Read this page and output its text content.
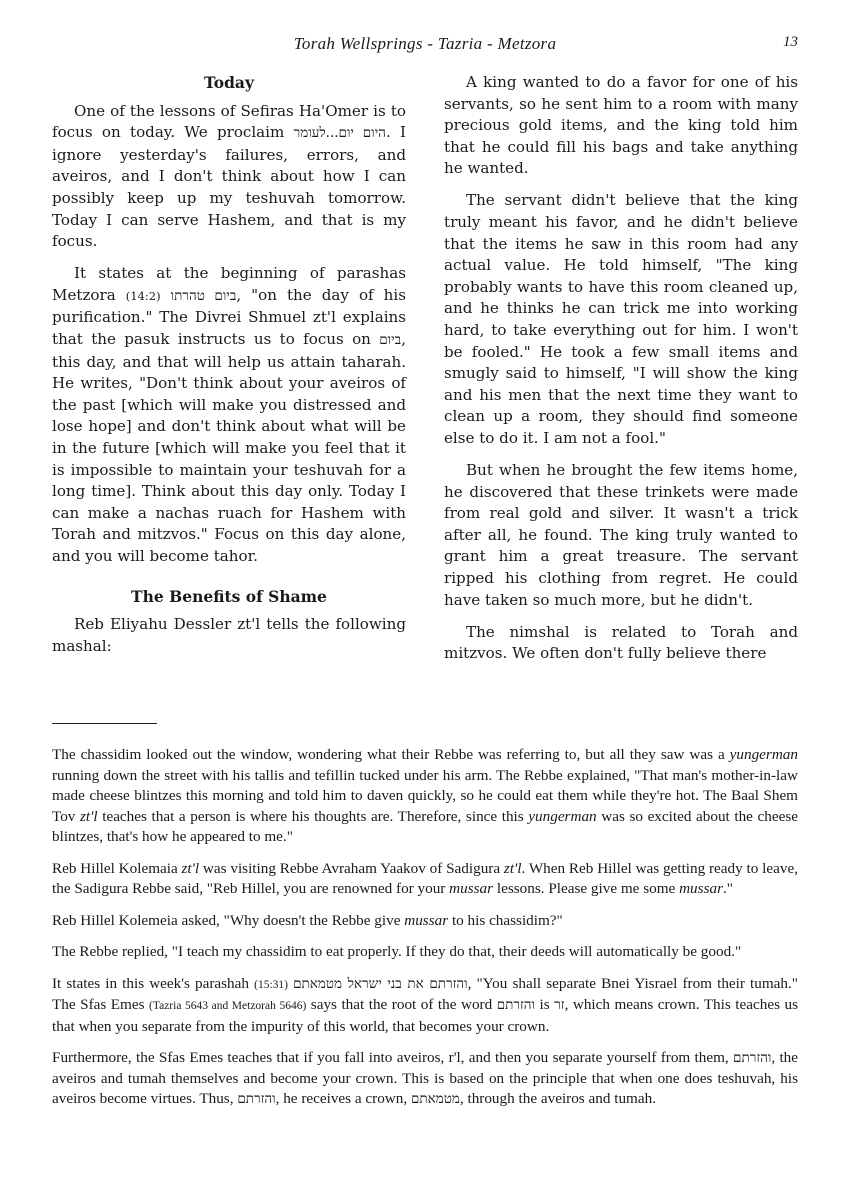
Torah Wellsprings - Tazria - Metzora	13
Today

One of the lessons of Sefiras Ha'Omer is to focus on today. We proclaim היום יום...לעומר. I ignore yesterday's failures, errors, and aveiros, and I don't think about how I can possibly keep up my teshuvah tomorrow. Today I can serve Hashem, and that is my focus.

It states at the beginning of parashas Metzora (14:2) ביום טהרתו, "on the day of his purification." The Divrei Shmuel zt'l explains that the pasuk instructs us to focus on ביום, this day, and that will help us attain taharah. He writes, "Don't think about your aveiros of the past [which will make you distressed and lose hope] and don't think about what will be in the future [which will make you feel that it is impossible to maintain your teshuvah for a long time]. Think about this day only. Today I can make a nachas ruach for Hashem with Torah and mitzvos." Focus on this day alone, and you will become tahor.

The Benefits of Shame

Reb Eliyahu Dessler zt'l tells the following mashal:

A king wanted to do a favor for one of his servants, so he sent him to a room with many precious gold items, and the king told him that he could fill his bags and take anything he wanted.

The servant didn't believe that the king truly meant his favor, and he didn't believe that the items he saw in this room had any actual value. He told himself, "The king probably wants to have this room cleaned up, and he thinks he can trick me into working hard, to take everything out for him. I won't be fooled." He took a few small items and smugly said to himself, "I will show the king and his men that the next time they want to clean up a room, they should find someone else to do it. I am not a fool."

But when he brought the few items home, he discovered that these trinkets were made from real gold and silver. It wasn't a trick after all, he found. The king truly wanted to grant him a great treasure. The servant ripped his clothing from regret. He could have taken so much more, but he didn't.

The nimshal is related to Torah and mitzvos. We often don't fully believe there

The chassidim looked out the window, wondering what their Rebbe was referring to, but all they saw was a yungerman running down the street with his tallis and tefillin tucked under his arm. The Rebbe explained, "That man's mother-in-law made cheese blintzes this morning and told him to daven quickly, so he could eat them while they're hot. The Baal Shem Tov zt'l teaches that a person is where his thoughts are. Therefore, since this yungerman was so excited about the cheese blintzes, that's how he appeared to me."

Reb Hillel Kolemaia zt'l was visiting Rebbe Avraham Yaakov of Sadigura zt'l. When Reb Hillel was getting ready to leave, the Sadigura Rebbe said, "Reb Hillel, you are renowned for your mussar lessons. Please give me some mussar."

Reb Hillel Kolemeia asked, "Why doesn't the Rebbe give mussar to his chassidim?"

The Rebbe replied, "I teach my chassidim to eat properly. If they do that, their deeds will automatically be good."

It states in this week's parashah (15:31) והזרתם את בני ישראל מטמאתם, "You shall separate Bnei Yisrael from their tumah." The Sfas Emes (Tazria 5643 and Metzorah 5646) says that the root of the word והזרתם is זר, which means crown. This teaches us that when you separate from the impurity of this world, that becomes your crown.

Furthermore, the Sfas Emes teaches that if you fall into aveiros, r'l, and then you separate yourself from them, והזרתם, the aveiros and tumah themselves and become your crown. This is based on the principle that when one does teshuvah, his aveiros become virtues. Thus, והזרתם, he receives a crown, מטמאתם, through the aveiros and tumah.
